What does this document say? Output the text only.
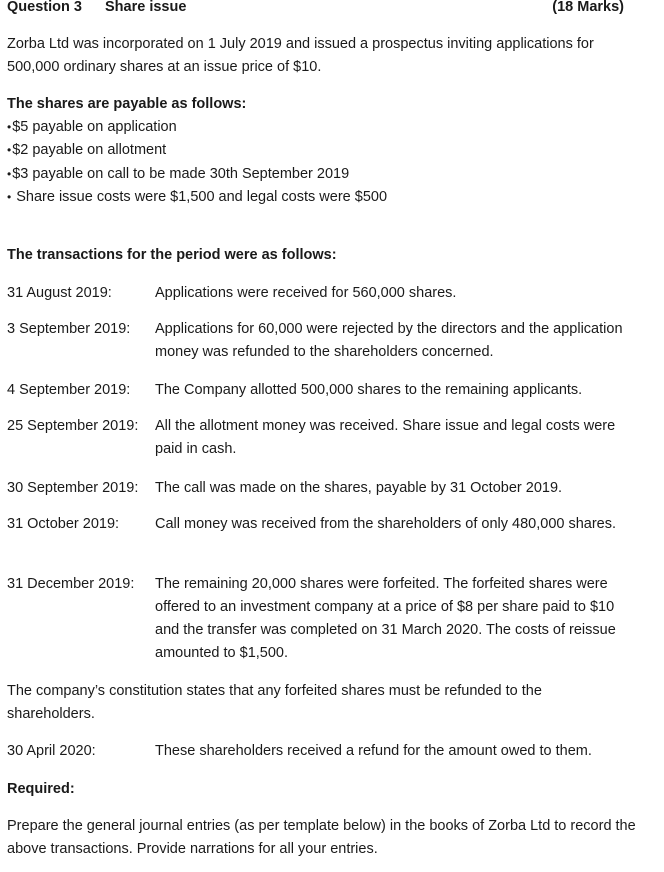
Question 3 Share issue	(18 Marks)

Zorba Ltd was incorporated on 1 July 2019 and issued a prospectus inviting applications for 500,000 ordinary shares at an issue price of $10.

The shares are payable as follows:

•$5 payable on application
•$2 payable on allotment
•$3 payable on call to be made 30th September 2019
• Share issue costs were $1,500 and legal costs were $500

The transactions for the period were as follows:

31 August 2019:	Applications were received for 560,000 shares.
3 September 2019: Applications for 60,000 were rejected by the directors and the application money was refunded to the shareholders concerned.
4 September 2019: The Company allotted 500,000 shares to the remaining applicants.
25 September 2019: All the allotment money was received. Share issue and legal costs were paid in cash.
30 September 2019: The call was made on the shares, payable by 31 October 2019.
31 October 2019: Call money was received from the shareholders of only 480,000 shares.
31 December 2019: The remaining 20,000 shares were forfeited. The forfeited shares were offered to an investment company at a price of $8 per share paid to $10 and the transfer was completed on 31 March 2020. The costs of reissue amounted to $1,500.

The company’s constitution states that any forfeited shares must be refunded to the shareholders.

30 April 2020:	These shareholders received a refund for the amount owed to them.

Required:

Prepare the general journal entries (as per template below) in the books of Zorba Ltd to record the above transactions. Provide narrations for all your entries.
